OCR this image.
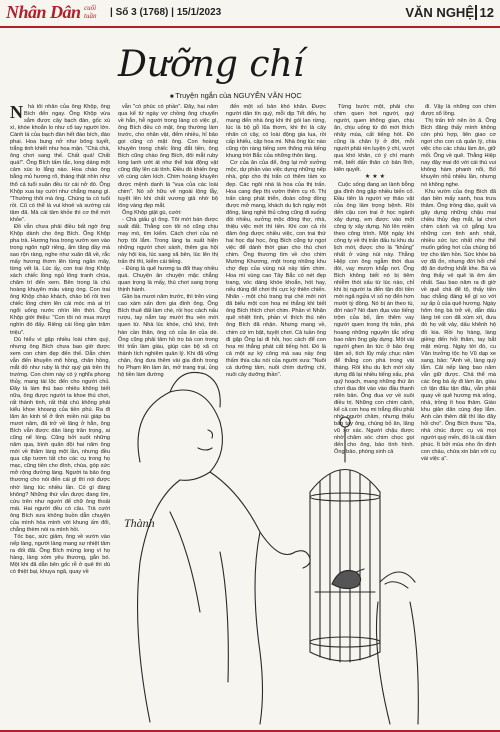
Nhân Dân cuối
tuần | Số 3 (1768) | 15/1/2023	VĂN NGHỆ 12
Dưỡng chí
■ Truyện ngắn của NGUYỄN VĂN HỌC
N hà tôi nhân của ông Khộp, ông Bích đến ngay. Ông Khộp vừa sắm được cây bạch đàn, gốc xù xì, khóe khoắn lo như cổ tay người lớn. Cành lá của bạch đàn hết đào bích, đáo phai. Hoa bung nở như bông tuyết, trắng tinh khiết như hoa mận. "Chà chà, ông chơi sang thế. Chất quá! Chất quá!". Ông Bích tấm tắc, long dáng một cảm xúc lo lắng nào. Hoa cháo ông bằng mủ hương rõ, tháng thật nhìn như thổ cả tuổi xuân đều từ cái nở đó. Ông Khộp xua tay cười như chẳng mạng gì. "Thường thôi mà ông. Chúng ta có tuổi rồi. Cũ có thể là vui khoẻ và sướng cái tâm đã. Mà cái tâm khỏe thì cơ thể mới khỏe".

Đồ vẫn chưa phải điều bất ngờ ông Khộp dành cho ông Bích. Ông Khộp pha trà. Hương hoa trong vườn xen vào trong ngôn ngữ riêng, ẩm tăng đầy mà sao rộn ràng, nghe như xuân đã về, rắc mấy hương thơm lên từng ngăn mây, từng vết lá. Lúc ấy, con trai ông Khộp xách chiếc lồng ngủ lông tranh chùa, chăm trí đến xem. Bên trong là chú hoàng khuyên màu vàng óng. Con trai ông Khộp chào khách, chào bố rồi treo chiếc lồng chim lên cái móc mà ai trí ngổi uống nước nhìn lên thời. Ông Khộp giới thiệu: "Con tôi nó mua mượt nghìn đó đấy. Riêng cái lồng gần trăm triệu".

Dù hiểu vì gặp nhiều loài chim quý, nhưng ông Bích chưa bao giờ được xem con chim đẹp đến thế. Dẫn chim vẫn đến khuyên mõ hồng, chân hồng, mắt đỏ như ruby là thứ quý giá trên thị trường. Con chim này có ý nghĩa phong thủy, mang tài lộc đến cho người chủ. Đây là làm thú bao nhiêu không biết nữa, ông được người ta khoe thú chơi, rất thành tinh, rất thật chú không phải kiểu khoe khoang của tiền phú. Ra đi lâm ăn kinh tế ở tỉnh miền núi giáp ba mươi năm, đã trở về lãng ở hẳn, ông Bích vẫn được dân làng trân trọng, ai cũng nể lòng. Cũng bởi suốt những năm qua, bình quân đội hai năm ông mới về thăm làng một lần, nhưng đều qua cập tươm tất cho các cụ trong họ mạc, cũng tiền cho đình, chùa, góp sức mở rộng đường làng. Người ta bảo ông thương cho nói đến cái gì thì nói được nhờ làng lúc nhiều lần. Có gì đàng không? Những thứ vẫn được đang tìm, cứu trên như người để chữ ông thoải mái. Hai người đều có câu. Trà cười ông Bích xưa không buồn dẫn chuyện của mình hòa mình với khung ấm đổi, chẳng thèm nói ra mình hồi.

Tóc bạc, sức giảm, ông về vườn vào nếp làng, người làng mang sự nhiệt tâm ra đối đãi. Ông Bích mừng long vì họ hàng, làng xóm yêu thương, gắn bó. Một khi đã dẫn bên gốc rễ ở quê thì dù có thiệt bại, khuya ngã, quay về

vẫn "có phúc có phần". Đây, hai năm qua kể từ ngày vợ chồng ông chuyển về hẳn, hễ người trong làng có việc gì, ông Bích đều có mặt, ông thường làm trước, cho nhân vật, đếm nhiều, hỉ bảo gọi cũng có mặt ông. Con hoàng khuyên trong chiếc lồng đắt tiền, ông Bích cũng chào ông Bích, đôi mắt ruby long lanh ướt át như thể loài động vật cũng đây lên cái tính. Điều đó khiến ông vô cùng cảm kích. Chim hoàng khuyên được mệnh danh là "vua của các loài chim". Nó sở hữu vẻ ngoài lộng lẫy, tuyệt lên khi chất vương giả nhờ bộ lông vàng đẹp mắt.

Ông Khộp giật gù, cười:

- Chà giấu gì ông. Tôi mới bán được suất đất. Thằng con tôi nó cũng chịu may mò, tìm kiếm. Cách chơi của nó hợp tôi lắm. Trong làng ta xuất hiện những người chơi sành, thêm gia hội này hội kia, lúc sang xã bên, lúc lên thị trấn thì thì, kiểm cái tiếng.

- Đúng là quê hương ta đổi thay nhiều quá. Chuyện ăn chuyện mặc chẳng quan trọng là mấy, thú chơi sang trọng thịnh hành.

Gần ba mươi năm trước, thì trên vùng cao xám xấn đơn gia đình ông. Ông Bích thuê đất làm chè, rồi học cách nấu rượu, tay nắm tay mười thu vén mới quen từ. Nhà lúc khóe, chủ khó, tình hàn cần thân, ông có của ăn của dè. Ông cũng phải tâm hồ trọ bà con trong thì trấn làm giàu, giúp cán bộ xã có thành tích nghiêm quản lý. Khi đã vững chân, ông đưa thêm vài gia đình trong họ Phạm lên làm ăn, mở trang trại, ủng hộ tiền làm đường

đến một số bản khó khăn. Được người dân tín quý, mỗi dịp Tết đến, họ mang đến nhà ông khi thì gói lan rừng, lúc là bộ gỗ lũa thơm, khi thì là cây nhãn có cây, có loài động gia lua, rồi cấp khiếu, cặp hoa mi. Nhà ông lúc nào cũng rộn ràng tiếng sơn thông mà tiếng khung trời Bắc của những thôn làng.

Cơ của ăn của để, ông lại mở xưởng mộc, dự phần vào việc dựng những nếp nhà, góp cho thị trấn có thêm tầm xo đẹp. Các ngôi nhà lá hoa của thị trấn. Hoa cang đẹp thị vườn thêm cụ rõ. Thị trấn càng phát triển, đoàn công đồng được mở mang, khách du lịch ngày một đông, làng nghề thủ công cũng đi xuống đồi nhiều, xưởng mộc đông thợ, nhà, thiệu việc mới thì tiền. Khi con cả rồi đảm ông được nhiều việc, con trai thứ hai học đại học, ông Bích cũng tự ngọt việc để dành thời gian cho thú chơi chim. Ông thương tìm về cho chim Mường Khương, một trong những khu chợ đẹp của vùng núi này tấm chim. Hoa mì vùng cao Tây Bắc có nét đẹp trang, vóc dáng khóe khoắn, hót hay, nếu dùng để chơi thì cực kỳ thiên chiến. Nhãn - một chú trang trại chè mới nới đã biếu một con hoạ mi thắng khi biết ông Bích thích chơi chim. Phần vì Nhãn quê nhiệt tình, phần vì thích thú nên ông Bích đã nhận. Nhưng mang về, chim cứ im bặt, tuyệt chơi. Cả tuần ông đi gặp Ông lại đi hỏi, học cách để con hoạ mi thắng phát cất tiếng hót. Đó là cả một sự kỳ công mà sau này ông thấm thía câu nói của người xưa: "Nuôi cá dưỡng tâm, nuôi chim dưỡng chí, nuôi cây dưỡng thần".

Từng bước một, phải cho chim quen hơi người, quý người, quen không gian, chịu ăn, chịu uống từ đó mới thích nhảy múa, cất tiếng hót. Đó cũng là chân lý ở đời, mỗi người phải rèn luyện ý chí, vượt qua khó khăn, có ý chí mạnh mẽ, biết dấn thân có bản lĩnh, kiên quyết.

★★★

Cuộc sống đang an lành bỗng gia đình ông gặp nhiều biến cố. Đầu tiên là người vợ thảo vật của ông lâm trọng bệnh. Rồi đến cậu con trai ở học ngành xây dựng, em được vào một công ty xây dựng. Nó lên miền theo công trình. Một ngày khi công ty về thị trấn đấu tu khu du lịch mới, được cho là "khủng" nhất ở vùng núi này. Thằng Hiệp con ông ngẫm thời đua đòi, vay mượn khắp nơi. Ông Bích không biết nó bị tiêm nhiễm thói xấu từ lúc nào, chỉ khi bị người ta đến tận đòi tiền mới ngã ngửa vì số nợ đến hơn mười tỷ đồng. Nó bị án theo tù, đời nào? Nó đam đụa vào tiếng trộm của bố, ẩm thêm vay người quen trong thị trấn, phá hoang những nguyên tắc sống bao năm ông gây dựng. Một vài người ghen ăn tức ở bảo ông tặm sỏ, tích lũy mấy chục năm để thằng con phá trong vài tháng. Rồi khu du lịch mới xây dựng đã lại nhiều tiếng xấu, phá quỹ hoạch, mang những thứ ăn chơi đua đòi vào vào đầu thanh niên bản. Ông đua vợ về xuôi điều trị. Những con chim cảnh, kể cả con hoạ mi trắng đều phải nhờ người chăm, nhưng thiếu bàn tay ông, chúng bỏ ăn, lăng vũ xơ xác. Người chậu được nhờ chăm sóc chim chọc gọi đến cho ông, bảo tình hình. Ông bảo, phóng sinh cả

đi. Vậy là những con chim được sổ lồng.

Thị trấn trở nên ồn ã. Ông Bích đăng thấy mình không còn phù hợp, liên giao cơ ngơi cho con cả quản lý, chia việc cho các cháu làm ăn, giữ mối. Ông về quê. Thằng Hiệp nay đây mai đó với cái thú vui không hàm phanh nổi, Bố khuyên nhủ nhiều lần, nhưng nó không nghe.

Khu vườn của ông Bích đã dạn bền mấy xanh, hoa trưa thăm. Ông trồng đào, quất và gây dựng những chậu mai chiều thủy đẹp mắt, lại chơi chim cảnh và có gắng lựa những con tinh anh nhất, nhiều sức lực nhất như thể muốn giống hơi của chúng bố trợ cho tâm hồn. Sức khóe bà vợ đã ổn, nhưng đời hỏi chế độ ăn dưỡng khắt khe. Bà và ông thấy vẻ quê là êm ấm nhất. Sau bao năm ra đi giờ về quê chả để tộ, thấy tiền bạc chẳng đáng kể gì so với sự ấp ủ của quê hương. Ngày hôm ông bà trở về, dẫn dấu làng trẻ con đã xúm xít, đưa đò họ vất vảy, dấu khênh hộ đồ kia. Rồi họ hàng, làng giềng đến hỏi thăm, tay bắt mặt mừng. Ngày tới đó, cu Vân trưởng tộc họ Vũ dạp xe sang, bảo: "Anh về, làng quý lắm. Cải nếp làng bao năm vẫn giữ được. Chả thể mà các ông bà ấy đi làm ăn, giàu có tận đâu tận đâu, vẫn phải quay về quê hương mà sống, nhà, trồng ít hoa thảm. Giáo khu giản dân cùng đẹp lắm. Anh cần thêm đất thì lão đây hỏi cho". Ông Bích thưa: "Đa, nhà chúc được cụ và mọi người quý mến, đó là cái đảm phúc. Ít bởi mùa nho ổn định con cháu, chứa xin bản với cụ vài việc ạ".

Thành
